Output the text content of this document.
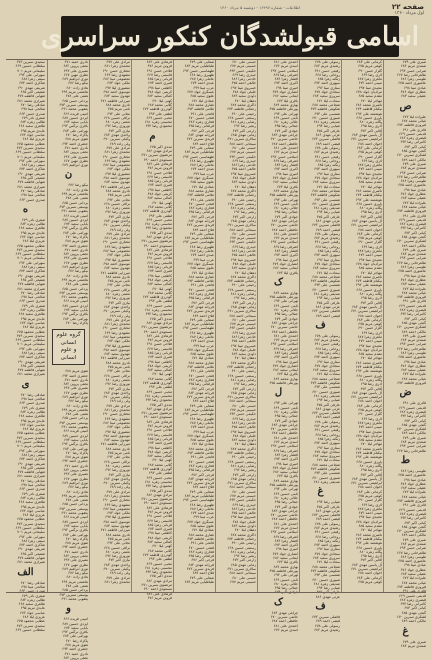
صفحه ۲۲
اول مرداد ۱۳۶۰
اطلاعات - شماره ۱۶۴۹۷ - دوشنبه ۵ مرداد ۱۳۶۰
اسامی قبولشدگان کنکور سراسری
سعیدی نسرین ۶۷۳
سلطانی حسین ۶۶۹
سلیمانی مریم ۷۰۱
سهرابی علی ۶۹۲
سیفی زهرا ۶۸۸
شاکری احمد ۶۷۴
شریفی مهدی ۶۹۰
شفیعی اکبر ۶۶۵
شهابی فاطمه ۶۷۷
شیرازی محمد ۶۸۱
صادقی رضا ۶۷۰
صالحی مینا ۶۹۸
صدری حسن ۶۶۳
صفری نادر ۶۷۹
طالبی زهره ۶۸۴
طاهری سعید ۶۶۸
عابدی مریم ۶۹۵
عباسی جواد ۶۷۲
عزیزی لیلا ۶۸۶
عطایی محمود ۶۷۵
سعیدی نسرین ۶۷۳
سلطانی حسین ۶۶۹
سلیمانی مریم ۷۰۱
سهرابی علی ۶۹۲
سیفی زهرا ۶۸۸
شاکری احمد ۶۷۴
شریفی مهدی ۶۹۰
شفیعی اکبر ۶۶۵
شهابی فاطمه ۶۷۷
شیرازی محمد ۶۸۱
صادقی رضا ۶۷۰
صالحی مینا ۶۹۸
صدری حسن ۶۶۳
ه
صفری نادر ۶۷۹
طالبی زهره ۶۸۴
طاهری سعید ۶۶۸
عابدی مریم ۶۹۵
عباسی جواد ۶۷۲
عزیزی لیلا ۶۸۶
عطایی محمود ۶۷۵
سعیدی نسرین ۶۷۳
سلطانی حسین ۶۶۹
سلیمانی مریم ۷۰۱
سهرابی علی ۶۹۲
سیفی زهرا ۶۸۸
شاکری احمد ۶۷۴
شریفی مهدی ۶۹۰
شفیعی اکبر ۶۶۵
شهابی فاطمه ۶۷۷
شیرازی محمد ۶۸۱
صادقی رضا ۶۷۰
صالحی مینا ۶۹۸
صدری حسن ۶۶۳
صفری نادر ۶۷۹
طالبی زهره ۶۸۴
طاهری سعید ۶۶۸
عابدی مریم ۶۹۵
عباسی جواد ۶۷۲
عزیزی لیلا ۶۸۶
عطایی محمود ۶۷۵
سعیدی نسرین ۶۷۳
سلطانی حسین ۶۶۹
سلیمانی مریم ۷۰۱
سهرابی علی ۶۹۲
سیفی زهرا ۶۸۸
شاکری احمد ۶۷۴
شریفی مهدی ۶۹۰
شفیعی اکبر ۶۶۵
شهابی فاطمه ۶۷۷
شیرازی محمد ۶۸۱
ی
صادقی رضا ۶۷۰
صالحی مینا ۶۹۸
صدری حسن ۶۶۳
صفری نادر ۶۷۹
طالبی زهره ۶۸۴
طاهری سعید ۶۶۸
عابدی مریم ۶۹۵
عباسی جواد ۶۷۲
عزیزی لیلا ۶۸۶
عطایی محمود ۶۷۵
سعیدی نسرین ۶۷۳
سلطانی حسین ۶۶۹
سلیمانی مریم ۷۰۱
سهرابی علی ۶۹۲
سیفی زهرا ۶۸۸
شاکری احمد ۶۷۴
شریفی مهدی ۶۹۰
شفیعی اکبر ۶۶۵
شهابی فاطمه ۶۷۷
شیرازی محمد ۶۸۱
صادقی رضا ۶۷۰
صالحی مینا ۶۹۸
صدری حسن ۶۶۳
صفری نادر ۶۷۹
طالبی زهره ۶۸۴
طاهری سعید ۶۶۸
عابدی مریم ۶۹۵
عباسی جواد ۶۷۲
عزیزی لیلا ۶۸۶
عطایی محمود ۶۷۵
سعیدی نسرین ۶۷۳
سلطانی حسین ۶۶۹
سلیمانی مریم ۷۰۱
سهرابی علی ۶۹۲
سیفی زهرا ۶۸۸
شاکری احمد ۶۷۴
شریفی مهدی ۶۹۰
شفیعی اکبر ۶۶۵
شهابی فاطمه ۶۷۷
شیرازی محمد ۶۸۱
الف
صادقی رضا ۶۷۰
صالحی مینا ۶۹۸
صدری حسن ۶۶۳
صفری نادر ۶۷۹
طالبی زهره ۶۸۴
طاهری سعید ۶۶۸
عابدی مریم ۶۹۵
عباسی جواد ۶۷۲
عزیزی لیلا ۶۸۶
عطایی محمود ۶۷۵
سعیدی نسرین ۶۷۳
سلطانی حسین ۶۶۹
نادری حمید ۶۷۱
نجفی پروین ۶۸۲
نصیری علی ۶۹۳
نظری مهین ۶۶۷
نوری ابراهیم ۶۸۹
نیکو رضا ۶۷۶
هادی زاده ۶۸۰
هاشمی مریم ۶۹۹
همتی علی ۶۷۸
یزدانی حسن ۶۸۵
یوسفی نسرین ۶۷۳
یعقوبی محمد ۶۹۱
امینی فریده ۶۶۶
ایزدی حسین ۶۸۷
بابایی سعید ۶۷۴
باقری نرگس ۶۹۲
بهرامی علی ۶۸۳
پاکزاد رضا ۶۷۰
تقوی مریم ۶۸۸
جعفری احمد ۶۹۴
نادری حمید ۶۷۱
نجفی پروین ۶۸۲
نصیری علی ۶۹۳
نظری مهین ۶۶۷
نوری ابراهیم ۶۸۹
ن
نیکو رضا ۶۷۶
هادی زاده ۶۸۰
هاشمی مریم ۶۹۹
همتی علی ۶۷۸
یزدانی حسن ۶۸۵
یوسفی نسرین ۶۷۳
یعقوبی محمد ۶۹۱
امینی فریده ۶۶۶
ایزدی حسین ۶۸۷
بابایی سعید ۶۷۴
باقری نرگس ۶۹۲
بهرامی علی ۶۸۳
پاکزاد رضا ۶۷۰
تقوی مریم ۶۸۸
جعفری احمد ۶۹۴
نادری حمید ۶۷۱
نجفی پروین ۶۸۲
نصیری علی ۶۹۳
نظری مهین ۶۶۷
نوری ابراهیم ۶۸۹
نیکو رضا ۶۷۶
هادی زاده ۶۸۰
هاشمی مریم ۶۹۹
همتی علی ۶۷۸
یزدانی حسن ۶۸۵
یوسفی نسرین ۶۷۳
یعقوبی محمد ۶۹۱
امینی فریده ۶۶۶
ایزدی حسین ۶۸۷
بابایی سعید ۶۷۴
باقری نرگس ۶۹۲
بهرامی علی ۶۸۳
پاکزاد رضا ۶۷۰
گروه علوم
انسانی
و علوم انسانی
تقوی مریم ۶۸۸
جعفری احمد ۶۹۴
نادری حمید ۶۷۱
نجفی پروین ۶۸۲
نصیری علی ۶۹۳
نظری مهین ۶۶۷
نوری ابراهیم ۶۸۹
نیکو رضا ۶۷۶
هادی زاده ۶۸۰
هاشمی مریم ۶۹۹
همتی علی ۶۷۸
یزدانی حسن ۶۸۵
یوسفی نسرین ۶۷۳
یعقوبی محمد ۶۹۱
امینی فریده ۶۶۶
ایزدی حسین ۶۸۷
بابایی سعید ۶۷۴
باقری نرگس ۶۹۲
بهرامی علی ۶۸۳
پاکزاد رضا ۶۷۰
تقوی مریم ۶۸۸
جعفری احمد ۶۹۴
نادری حمید ۶۷۱
نجفی پروین ۶۸۲
نصیری علی ۶۹۳
نظری مهین ۶۶۷
نوری ابراهیم ۶۸۹
نیکو رضا ۶۷۶
هادی زاده ۶۸۰
هاشمی مریم ۶۹۹
همتی علی ۶۷۸
یزدانی حسن ۶۸۵
یوسفی نسرین ۶۷۳
یعقوبی محمد ۶۹۱
امینی فریده ۶۶۶
ایزدی حسین ۶۸۷
بابایی سعید ۶۷۴
باقری نرگس ۶۹۲
بهرامی علی ۶۸۳
پاکزاد رضا ۶۷۰
تقوی مریم ۶۸۸
جعفری احمد ۶۹۴
نادری حمید ۶۷۱
نجفی پروین ۶۸۲
نصیری علی ۶۹۳
نظری مهین ۶۶۷
نوری ابراهیم ۶۸۹
نیکو رضا ۶۷۶
هادی زاده ۶۸۰
هاشمی مریم ۶۹۹
همتی علی ۶۷۸
یزدانی حسن ۶۸۵
یوسفی نسرین ۶۷۳
یعقوبی محمد ۶۹۱
و
امینی فریده ۶۶۶
ایزدی حسین ۶۸۷
بابایی سعید ۶۷۴
باقری نرگس ۶۹۲
بهرامی علی ۶۸۳
پاکزاد رضا ۶۷۰
تقوی مریم ۶۸۸
جعفری احمد ۶۹۴
نادری حمید ۶۷۱
نجفی پروین ۶۸۲
مرادی علی ۶۷۷
محمدی زهرا ۶۸۱
مختاری حسن ۶۹۰
مشهدی رضا ۶۶۹
معصومی مینا ۶۸۶
ملکی جواد ۶۷۳
منصوری لیلا ۶۹۷
موسوی احمد ۶۷۸
مهدوی سعید ۶۸۴
میرزایی فاطمه ۶۷۱
نادری محمد ۶۸۸
نامی مریم ۶۷۵
نجاتی علی ۶۹۲
نراقی حسین ۶۶۸
نعمتی زهره ۶۸۰
نوروزی رضا ۶۹۶
نیازی اکبر ۶۷۴
واحدی مهدی ۶۸۳
وکیلی نسرین ۶۷۰
ولی زاده ۶۸۹
مرادی علی ۶۷۷
محمدی زهرا ۶۸۱
مختاری حسن ۶۹۰
مشهدی رضا ۶۶۹
معصومی مینا ۶۸۶
ملکی جواد ۶۷۳
منصوری لیلا ۶۹۷
موسوی احمد ۶۷۸
مهدوی سعید ۶۸۴
میرزایی فاطمه ۶۷۱
نادری محمد ۶۸۸
نامی مریم ۶۷۵
نجاتی علی ۶۹۲
نراقی حسین ۶۶۸
نعمتی زهره ۶۸۰
نوروزی رضا ۶۹۶
نیازی اکبر ۶۷۴
واحدی مهدی ۶۸۳
وکیلی نسرین ۶۷۰
ولی زاده ۶۸۹
مرادی علی ۶۷۷
محمدی زهرا ۶۸۱
مختاری حسن ۶۹۰
مشهدی رضا ۶۶۹
معصومی مینا ۶۸۶
ملکی جواد ۶۷۳
منصوری لیلا ۶۹۷
موسوی احمد ۶۷۸
مهدوی سعید ۶۸۴
میرزایی فاطمه ۶۷۱
نادری محمد ۶۸۸
نامی مریم ۶۷۵
نجاتی علی ۶۹۲
نراقی حسین ۶۶۸
نعمتی زهره ۶۸۰
نوروزی رضا ۶۹۶
نیازی اکبر ۶۷۴
واحدی مهدی ۶۸۳
وکیلی نسرین ۶۷۰
ولی زاده ۶۸۹
مرادی علی ۶۷۷
محمدی زهرا ۶۸۱
مختاری حسن ۶۹۰
مشهدی رضا ۶۶۹
معصومی مینا ۶۸۶
ملکی جواد ۶۷۳
منصوری لیلا ۶۹۷
موسوی احمد ۶۷۸
مهدوی سعید ۶۸۴
میرزایی فاطمه ۶۷۱
نادری محمد ۶۸۸
نامی مریم ۶۷۵
نجاتی علی ۶۹۲
نراقی حسین ۶۶۸
نعمتی زهره ۶۸۰
نوروزی رضا ۶۹۶
نیازی اکبر ۶۷۴
واحدی مهدی ۶۸۳
وکیلی نسرین ۶۷۰
ولی زاده ۶۸۹
مرادی علی ۶۷۷
محمدی زهرا ۶۸۱
مختاری حسن ۶۹۰
مشهدی رضا ۶۶۹
معصومی مینا ۶۸۶
ملکی جواد ۶۷۳
منصوری لیلا ۶۹۷
موسوی احمد ۶۷۸
مهدوی سعید ۶۸۴
میرزایی فاطمه ۶۷۱
نادری محمد ۶۸۸
نامی مریم ۶۷۵
نجاتی علی ۶۹۲
نراقی حسین ۶۶۸
نعمتی زهره ۶۸۰
نوروزی رضا ۶۹۶
نیازی اکبر ۶۷۴
واحدی مهدی ۶۸۳
وکیلی نسرین ۶۷۰
ولی زاده ۶۸۹
مرادی علی ۶۷۷
محمدی زهرا ۶۸۱
مختاری حسن ۶۹۰
مشهدی رضا ۶۶۹
معصومی مینا ۶۸۶
ملکی جواد ۶۷۳
منصوری لیلا ۶۹۷
موسوی احمد ۶۷۸
مهدوی سعید ۶۸۴
میرزایی فاطمه ۶۷۱
نادری محمد ۶۸۸
نامی مریم ۶۷۵
نجاتی علی ۶۹۲
نراقی حسین ۶۶۸
نعمتی زهره ۶۸۰
نوروزی رضا ۶۹۶
نیازی اکبر ۶۷۴
واحدی مهدی ۶۸۳
وکیلی نسرین ۶۷۰
ولی زاده ۶۸۹
مرادی علی ۶۷۷
محمدی زهرا ۶۸۱
فرهادی علی ۶۸۲
فروتن مریم ۶۷۶
فلاحی حسن ۶۹۱
قاسمی رضا ۶۶۷
قربانی زهرا ۶۸۵
قنبری احمد ۶۷۳
کاظمی مینا ۶۹۸
کریمی جواد ۶۷۸
کمالی سعید ۶۸۴
کهنی لیلا ۶۷۰
گلابی محمد ۶۸۷
گودرزی فاطمه ۶۷۲
لطفی علی ۶۹۳
محبی حسین ۶۶۹
محسنی زهره ۶۸۱
محمودی رضا ۶۹۴
م
مددی اکبر ۶۷۵
مرادی مهدی ۶۸۶
مرتضوی نسرین ۶۷۱
مسعودی احمد ۶۹۰
فرهادی علی ۶۸۲
فروتن مریم ۶۷۶
فلاحی حسن ۶۹۱
قاسمی رضا ۶۶۷
قربانی زهرا ۶۸۵
قنبری احمد ۶۷۳
کاظمی مینا ۶۹۸
کریمی جواد ۶۷۸
کمالی سعید ۶۸۴
کهنی لیلا ۶۷۰
گلابی محمد ۶۸۷
گودرزی فاطمه ۶۷۲
لطفی علی ۶۹۳
محبی حسین ۶۶۹
محسنی زهره ۶۸۱
محمودی رضا ۶۹۴
مددی اکبر ۶۷۵
مرادی مهدی ۶۸۶
مرتضوی نسرین ۶۷۱
مسعودی احمد ۶۹۰
فرهادی علی ۶۸۲
فروتن مریم ۶۷۶
فلاحی حسن ۶۹۱
قاسمی رضا ۶۶۷
قربانی زهرا ۶۸۵
قنبری احمد ۶۷۳
کاظمی مینا ۶۹۸
کریمی جواد ۶۷۸
کمالی سعید ۶۸۴
کهنی لیلا ۶۷۰
گلابی محمد ۶۸۷
گودرزی فاطمه ۶۷۲
لطفی علی ۶۹۳
محبی حسین ۶۶۹
محسنی زهره ۶۸۱
محمودی رضا ۶۹۴
مددی اکبر ۶۷۵
مرادی مهدی ۶۸۶
مرتضوی نسرین ۶۷۱
مسعودی احمد ۶۹۰
فرهادی علی ۶۸۲
فروتن مریم ۶۷۶
فلاحی حسن ۶۹۱
قاسمی رضا ۶۶۷
قربانی زهرا ۶۸۵
قنبری احمد ۶۷۳
کاظمی مینا ۶۹۸
کریمی جواد ۶۷۸
کمالی سعید ۶۸۴
کهنی لیلا ۶۷۰
گلابی محمد ۶۸۷
گودرزی فاطمه ۶۷۲
لطفی علی ۶۹۳
محبی حسین ۶۶۹
محسنی زهره ۶۸۱
محمودی رضا ۶۹۴
مددی اکبر ۶۷۵
مرادی مهدی ۶۸۶
مرتضوی نسرین ۶۷۱
مسعودی احمد ۶۹۰
فرهادی علی ۶۸۲
فروتن مریم ۶۷۶
فلاحی حسن ۶۹۱
قاسمی رضا ۶۶۷
قربانی زهرا ۶۸۵
قنبری احمد ۶۷۳
کاظمی مینا ۶۹۸
کریمی جواد ۶۷۸
کمالی سعید ۶۸۴
کهنی لیلا ۶۷۰
گلابی محمد ۶۸۷
گودرزی فاطمه ۶۷۲
لطفی علی ۶۹۳
محبی حسین ۶۶۹
محسنی زهره ۶۸۱
محمودی رضا ۶۹۴
مددی اکبر ۶۷۵
مرادی مهدی ۶۸۶
مرتضوی نسرین ۶۷۱
مسعودی احمد ۶۹۰
فرهادی علی ۶۸۲
فروتن مریم ۶۷۶
فلاحی حسن ۶۹۱
قاسمی رضا ۶۶۷
قربانی زهرا ۶۸۵
قنبری احمد ۶۷۳
کاظمی مینا ۶۹۸
کریمی جواد ۶۷۸
کمالی سعید ۶۸۴
کهنی لیلا ۶۷۰
گلابی محمد ۶۸۷
گودرزی فاطمه ۶۷۲
لطفی علی ۶۹۳
محبی حسین ۶۶۹
محسنی زهره ۶۸۱
محمودی رضا ۶۹۴
مددی اکبر ۶۷۵
مرادی مهدی ۶۸۶
مرتضوی نسرین ۶۷۱
مسعودی احمد ۶۹۰
فرهادی علی ۶۸۲
فروتن مریم ۶۷۶
صفایی علی ۶۷۹
طباطبایی مریم ۶۸۳
طهماسبی حسن ۶۹۲
ظهیری رضا ۶۶۸
عاملی زهرا ۶۸۷
عبدی احمد ۶۷۴
عرب مینا ۶۹۹
عسگری جواد ۶۷۷
علوی سعید ۶۸۵
عمادی لیلا ۶۷۱
غفاری محمد ۶۸۸
غلامی فاطمه ۶۷۳
فاتحی علی ۶۹۱
فتحی حسین ۶۷۰
فخاری زهره ۶۸۲
فراهانی رضا ۶۹۵
فرجی اکبر ۶۷۶
فرزانه مهدی ۶۸۴
فریدی نسرین ۶۷۲
فلاح احمد ۶۸۹
صفایی علی ۶۷۹
طباطبایی مریم ۶۸۳
طهماسبی حسن ۶۹۲
ظهیری رضا ۶۶۸
عاملی زهرا ۶۸۷
عبدی احمد ۶۷۴
عرب مینا ۶۹۹
عسگری جواد ۶۷۷
علوی سعید ۶۸۵
عمادی لیلا ۶۷۱
غفاری محمد ۶۸۸
غلامی فاطمه ۶۷۳
فاتحی علی ۶۹۱
فتحی حسین ۶۷۰
فخاری زهره ۶۸۲
فراهانی رضا ۶۹۵
فرجی اکبر ۶۷۶
فرزانه مهدی ۶۸۴
فریدی نسرین ۶۷۲
فلاح احمد ۶۸۹
صفایی علی ۶۷۹
طباطبایی مریم ۶۸۳
طهماسبی حسن ۶۹۲
ظهیری رضا ۶۶۸
عاملی زهرا ۶۸۷
عبدی احمد ۶۷۴
عرب مینا ۶۹۹
عسگری جواد ۶۷۷
علوی سعید ۶۸۵
عمادی لیلا ۶۷۱
غفاری محمد ۶۸۸
غلامی فاطمه ۶۷۳
فاتحی علی ۶۹۱
فتحی حسین ۶۷۰
فخاری زهره ۶۸۲
فراهانی رضا ۶۹۵
فرجی اکبر ۶۷۶
فرزانه مهدی ۶۸۴
فریدی نسرین ۶۷۲
فلاح احمد ۶۸۹
صفایی علی ۶۷۹
طباطبایی مریم ۶۸۳
طهماسبی حسن ۶۹۲
ظهیری رضا ۶۶۸
عاملی زهرا ۶۸۷
عبدی احمد ۶۷۴
عرب مینا ۶۹۹
عسگری جواد ۶۷۷
علوی سعید ۶۸۵
عمادی لیلا ۶۷۱
غفاری محمد ۶۸۸
غلامی فاطمه ۶۷۳
فاتحی علی ۶۹۱
فتحی حسین ۶۷۰
فخاری زهره ۶۸۲
فراهانی رضا ۶۹۵
فرجی اکبر ۶۷۶
فرزانه مهدی ۶۸۴
فریدی نسرین ۶۷۲
فلاح احمد ۶۸۹
صفایی علی ۶۷۹
طباطبایی مریم ۶۸۳
طهماسبی حسن ۶۹۲
ظهیری رضا ۶۶۸
عاملی زهرا ۶۸۷
عبدی احمد ۶۷۴
عرب مینا ۶۹۹
عسگری جواد ۶۷۷
علوی سعید ۶۸۵
عمادی لیلا ۶۷۱
غفاری محمد ۶۸۸
غلامی فاطمه ۶۷۳
فاتحی علی ۶۹۱
فتحی حسین ۶۷۰
فخاری زهره ۶۸۲
فراهانی رضا ۶۹۵
فرجی اکبر ۶۷۶
فرزانه مهدی ۶۸۴
فریدی نسرین ۶۷۲
فلاح احمد ۶۸۹
صفایی علی ۶۷۹
طباطبایی مریم ۶۸۳
طهماسبی حسن ۶۹۲
ظهیری رضا ۶۶۸
عاملی زهرا ۶۸۷
عبدی احمد ۶۷۴
عرب مینا ۶۹۹
عسگری جواد ۶۷۷
علوی سعید ۶۸۵
عمادی لیلا ۶۷۱
غفاری محمد ۶۸۸
غلامی فاطمه ۶۷۳
فاتحی علی ۶۹۱
فتحی حسین ۶۷۰
فخاری زهره ۶۸۲
فراهانی رضا ۶۹۵
فرجی اکبر ۶۷۶
فرزانه مهدی ۶۸۴
فریدی نسرین ۶۷۲
فلاح احمد ۶۸۹
صفایی علی ۶۷۹
طباطبایی مریم ۶۸۳
حسنی علی ۶۸۰
حسینی مریم ۶۷۷
حکیمی حسن ۶۹۳
حیدری رضا ۶۶۹
خادمی زهرا ۶۸۶
خالقی احمد ۶۷۵
خسروی مینا ۶۹۷
خلیلی جواد ۶۷۸
داودی سعید ۶۸۳
دهقان لیلا ۶۷۰
ذاکری محمد ۶۸۷
رحمانی فاطمه ۶۷۴
رحیمی علی ۶۹۰
رستمی حسین ۶۶۸
رضایی زهره ۶۸۱
رنجبر رضا ۶۹۶
زارعی اکبر ۶۷۳
زمانی مهدی ۶۸۵
سالاری نسرین ۶۷۱
سبحانی احمد ۶۸۸
حسنی علی ۶۸۰
حسینی مریم ۶۷۷
حکیمی حسن ۶۹۳
حیدری رضا ۶۶۹
خادمی زهرا ۶۸۶
خالقی احمد ۶۷۵
خسروی مینا ۶۹۷
خلیلی جواد ۶۷۸
داودی سعید ۶۸۳
دهقان لیلا ۶۷۰
ذاکری محمد ۶۸۷
رحمانی فاطمه ۶۷۴
رحیمی علی ۶۹۰
رستمی حسین ۶۶۸
رضایی زهره ۶۸۱
رنجبر رضا ۶۹۶
زارعی اکبر ۶۷۳
زمانی مهدی ۶۸۵
سالاری نسرین ۶۷۱
سبحانی احمد ۶۸۸
حسنی علی ۶۸۰
حسینی مریم ۶۷۷
حکیمی حسن ۶۹۳
حیدری رضا ۶۶۹
خادمی زهرا ۶۸۶
خالقی احمد ۶۷۵
خسروی مینا ۶۹۷
خلیلی جواد ۶۷۸
داودی سعید ۶۸۳
دهقان لیلا ۶۷۰
ذاکری محمد ۶۸۷
رحمانی فاطمه ۶۷۴
رحیمی علی ۶۹۰
رستمی حسین ۶۶۸
رضایی زهره ۶۸۱
رنجبر رضا ۶۹۶
زارعی اکبر ۶۷۳
زمانی مهدی ۶۸۵
سالاری نسرین ۶۷۱
سبحانی احمد ۶۸۸
حسنی علی ۶۸۰
حسینی مریم ۶۷۷
حکیمی حسن ۶۹۳
حیدری رضا ۶۶۹
خادمی زهرا ۶۸۶
خالقی احمد ۶۷۵
خسروی مینا ۶۹۷
خلیلی جواد ۶۷۸
داودی سعید ۶۸۳
دهقان لیلا ۶۷۰
ذاکری محمد ۶۸۷
رحمانی فاطمه ۶۷۴
رحیمی علی ۶۹۰
رستمی حسین ۶۶۸
رضایی زهره ۶۸۱
رنجبر رضا ۶۹۶
زارعی اکبر ۶۷۳
زمانی مهدی ۶۸۵
سالاری نسرین ۶۷۱
سبحانی احمد ۶۸۸
حسنی علی ۶۸۰
حسینی مریم ۶۷۷
حکیمی حسن ۶۹۳
حیدری رضا ۶۶۹
خادمی زهرا ۶۸۶
خالقی احمد ۶۷۵
خسروی مینا ۶۹۷
خلیلی جواد ۶۷۸
داودی سعید ۶۸۳
دهقان لیلا ۶۷۰
ذاکری محمد ۶۸۷
رحمانی فاطمه ۶۷۴
رحیمی علی ۶۹۰
رستمی حسین ۶۶۸
رضایی زهره ۶۸۱
رنجبر رضا ۶۹۶
زارعی اکبر ۶۷۳
زمانی مهدی ۶۸۵
سالاری نسرین ۶۷۱
سبحانی احمد ۶۸۸
حسنی علی ۶۸۰
حسینی مریم ۶۷۷
حکیمی حسن ۶۹۳
حیدری رضا ۶۶۹
خادمی زهرا ۶۸۶
خالقی احمد ۶۷۵
خسروی مینا ۶۹۷
خلیلی جواد ۶۷۸
داودی سعید ۶۸۳
دهقان لیلا ۶۷۰
ذاکری محمد ۶۸۷
رحمانی فاطمه ۶۷۴
رحیمی علی ۶۹۰
رستمی حسین ۶۶۸
رضایی زهره ۶۸۱
رنجبر رضا ۶۹۶
زارعی اکبر ۶۷۳
زمانی مهدی ۶۸۵
سالاری نسرین ۶۷۱
سبحانی احمد ۶۸۸
حسنی علی ۶۸۰
حسینی مریم ۶۷۷
احمدی علی ۶۸۱
اسدی مریم ۶۷۶
اسلامی حسن ۶۹۲
اشرفی رضا ۶۶۷
افشار زهرا ۶۸۴
اکبری احمد ۶۷۳
امیری مینا ۶۹۸
انصاری جواد ۶۷۹
ایمانی سعید ۶۸۶
باقری لیلا ۶۷۲
بهاری محمد ۶۸۹
پورعلی فاطمه ۶۷۵
تهرانی علی ۶۹۴
ثابتی حسین ۶۶۹
جلالی زهره ۶۸۰
جمالی رضا ۶۹۵
جوادی اکبر ۶۷۴
چراغی مهدی ۶۸۳
حاتمی نسرین ۶۷۰
حافظی احمد ۶۸۷
احمدی علی ۶۸۱
اسدی مریم ۶۷۶
اسلامی حسن ۶۹۲
اشرفی رضا ۶۶۷
افشار زهرا ۶۸۴
اکبری احمد ۶۷۳
امیری مینا ۶۹۸
انصاری جواد ۶۷۹
ایمانی سعید ۶۸۶
باقری لیلا ۶۷۲
بهاری محمد ۶۸۹
پورعلی فاطمه ۶۷۵
تهرانی علی ۶۹۴
ثابتی حسین ۶۶۹
جلالی زهره ۶۸۰
جمالی رضا ۶۹۵
جوادی اکبر ۶۷۴
چراغی مهدی ۶۸۳
حاتمی نسرین ۶۷۰
حافظی احمد ۶۸۷
احمدی علی ۶۸۱
اسدی مریم ۶۷۶
اسلامی حسن ۶۹۲
اشرفی رضا ۶۶۷
افشار زهرا ۶۸۴
اکبری احمد ۶۷۳
امیری مینا ۶۹۸
انصاری جواد ۶۷۹
ایمانی سعید ۶۸۶
باقری لیلا ۶۷۲
ک
بهاری محمد ۶۸۹
پورعلی فاطمه ۶۷۵
تهرانی علی ۶۹۴
ثابتی حسین ۶۶۹
جلالی زهره ۶۸۰
جمالی رضا ۶۹۵
جوادی اکبر ۶۷۴
چراغی مهدی ۶۸۳
حاتمی نسرین ۶۷۰
حافظی احمد ۶۸۷
احمدی علی ۶۸۱
اسدی مریم ۶۷۶
اسلامی حسن ۶۹۲
اشرفی رضا ۶۶۷
افشار زهرا ۶۸۴
اکبری احمد ۶۷۳
امیری مینا ۶۹۸
انصاری جواد ۶۷۹
ایمانی سعید ۶۸۶
باقری لیلا ۶۷۲
بهاری محمد ۶۸۹
پورعلی فاطمه ۶۷۵
ل
تهرانی علی ۶۹۴
ثابتی حسین ۶۶۹
جلالی زهره ۶۸۰
جمالی رضا ۶۹۵
جوادی اکبر ۶۷۴
چراغی مهدی ۶۸۳
حاتمی نسرین ۶۷۰
حافظی احمد ۶۸۷
احمدی علی ۶۸۱
اسدی مریم ۶۷۶
اسلامی حسن ۶۹۲
اشرفی رضا ۶۶۷
افشار زهرا ۶۸۴
اکبری احمد ۶۷۳
امیری مینا ۶۹۸
انصاری جواد ۶۷۹
ایمانی سعید ۶۸۶
باقری لیلا ۶۷۲
بهاری محمد ۶۸۹
پورعلی فاطمه ۶۷۵
تهرانی علی ۶۹۴
ثابتی حسین ۶۶۹
جلالی زهره ۶۸۰
جمالی رضا ۶۹۵
جوادی اکبر ۶۷۴
چراغی مهدی ۶۸۳
حاتمی نسرین ۶۷۰
حافظی احمد ۶۸۷
احمدی علی ۶۸۱
اسدی مریم ۶۷۶
اسلامی حسن ۶۹۲
اشرفی رضا ۶۶۷
افشار زهرا ۶۸۴
اکبری احمد ۶۷۳
امیری مینا ۶۹۸
انصاری جواد ۶۷۹
ایمانی سعید ۶۸۶
باقری لیلا ۶۷۲
بهاری محمد ۶۸۹
پورعلی فاطمه ۶۷۵
تهرانی علی ۶۹۴
ثابتی حسین ۶۶۹
جلالی زهره ۶۸۰
جمالی رضا ۶۹۵
جوادی اکبر ۶۷۴
ک
چراغی مهدی ۶۸۳
حاتمی نسرین ۶۷۰
حافظی احمد ۶۸۷
احمدی علی ۶۸۱
اسدی مریم ۶۷۶
رسولی علی ۶۷۸
رشیدی مریم ۶۸۲
رفیعی حسن ۶۹۱
روحانی رضا ۶۶۸
زنگنه زهرا ۶۸۵
سپهری احمد ۶۷۴
ستاری مینا ۶۹۶
سجادی جواد ۶۷۷
سروری سعید ۶۸۴
سعادت لیلا ۶۷۱
شجاعی محمد ۶۸۸
شکوهی فاطمه ۶۷۳
شمسی علی ۶۹۳
صبوری حسین ۶۷۰
صدیقی زهره ۶۸۱
ضیایی رضا ۶۹۴
عارفی اکبر ۶۷۵
عزتی مهدی ۶۸۶
فاضلی نسرین ۶۷۲
فیضی احمد ۶۸۹
رسولی علی ۶۷۸
رشیدی مریم ۶۸۲
رفیعی حسن ۶۹۱
روحانی رضا ۶۶۸
زنگنه زهرا ۶۸۵
سپهری احمد ۶۷۴
ستاری مینا ۶۹۶
سجادی جواد ۶۷۷
سروری سعید ۶۸۴
سعادت لیلا ۶۷۱
شجاعی محمد ۶۸۸
شکوهی فاطمه ۶۷۳
شمسی علی ۶۹۳
صبوری حسین ۶۷۰
صدیقی زهره ۶۸۱
ضیایی رضا ۶۹۴
عارفی اکبر ۶۷۵
عزتی مهدی ۶۸۶
فاضلی نسرین ۶۷۲
فیضی احمد ۶۸۹
رسولی علی ۶۷۸
رشیدی مریم ۶۸۲
رفیعی حسن ۶۹۱
روحانی رضا ۶۶۸
زنگنه زهرا ۶۸۵
سپهری احمد ۶۷۴
ستاری مینا ۶۹۶
سجادی جواد ۶۷۷
سروری سعید ۶۸۴
سعادت لیلا ۶۷۱
شجاعی محمد ۶۸۸
شکوهی فاطمه ۶۷۳
شمسی علی ۶۹۳
صبوری حسین ۶۷۰
صدیقی زهره ۶۸۱
ضیایی رضا ۶۹۴
عارفی اکبر ۶۷۵
عزتی مهدی ۶۸۶
فاضلی نسرین ۶۷۲
فیضی احمد ۶۸۹
ف
رسولی علی ۶۷۸
رشیدی مریم ۶۸۲
رفیعی حسن ۶۹۱
روحانی رضا ۶۶۸
زنگنه زهرا ۶۸۵
سپهری احمد ۶۷۴
ستاری مینا ۶۹۶
سجادی جواد ۶۷۷
سروری سعید ۶۸۴
سعادت لیلا ۶۷۱
شجاعی محمد ۶۸۸
شکوهی فاطمه ۶۷۳
شمسی علی ۶۹۳
صبوری حسین ۶۷۰
صدیقی زهره ۶۸۱
ضیایی رضا ۶۹۴
عارفی اکبر ۶۷۵
عزتی مهدی ۶۸۶
فاضلی نسرین ۶۷۲
فیضی احمد ۶۸۹
رسولی علی ۶۷۸
رشیدی مریم ۶۸۲
رفیعی حسن ۶۹۱
روحانی رضا ۶۶۸
زنگنه زهرا ۶۸۵
سپهری احمد ۶۷۴
ستاری مینا ۶۹۶
سجادی جواد ۶۷۷
سروری سعید ۶۸۴
سعادت لیلا ۶۷۱
شجاعی محمد ۶۸۸
شکوهی فاطمه ۶۷۳
شمسی علی ۶۹۳
صبوری حسین ۶۷۰
صدیقی زهره ۶۸۱
غ
ضیایی رضا ۶۹۴
عارفی اکبر ۶۷۵
عزتی مهدی ۶۸۶
فاضلی نسرین ۶۷۲
فیضی احمد ۶۸۹
رسولی علی ۶۷۸
رشیدی مریم ۶۸۲
رفیعی حسن ۶۹۱
روحانی رضا ۶۶۸
زنگنه زهرا ۶۸۵
سپهری احمد ۶۷۴
ستاری مینا ۶۹۶
سجادی جواد ۶۷۷
سروری سعید ۶۸۴
سعادت لیلا ۶۷۱
شجاعی محمد ۶۸۸
شکوهی فاطمه ۶۷۳
شمسی علی ۶۹۳
صبوری حسین ۶۷۰
صدیقی زهره ۶۸۱
ضیایی رضا ۶۹۴
عارفی اکبر ۶۷۵
عزتی مهدی ۶۸۶
ف
فاضلی نسرین ۶۷۲
فیضی احمد ۶۸۹
رسولی علی ۶۷۸
رشیدی مریم ۶۸۲
کرمانی علی ۶۸۳
کوهی مریم ۶۷۵
گلزار حسن ۶۹۰
لاری رضا ۶۶۹
ماهری زهرا ۶۸۷
مبینی احمد ۶۷۲
مجیدی مینا ۶۹۷
مرادیان جواد ۶۷۸
مقدم سعید ۶۸۵
مهاجر لیلا ۶۷۰
ناصری محمد ۶۸۶
نیکنام فاطمه ۶۷۴
هوشمند علی ۶۹۲
یاوری حسین ۶۶۸
یگانه زهره ۶۸۰
آذری رضا ۶۹۵
آقایی اکبر ۶۷۳
آل یاسین مهدی ۶۸۴
ابراهیمی نسرین ۶۷۱
اخوان احمد ۶۸۸
کرمانی علی ۶۸۳
کوهی مریم ۶۷۵
گلزار حسن ۶۹۰
لاری رضا ۶۶۹
ماهری زهرا ۶۸۷
مبینی احمد ۶۷۲
مجیدی مینا ۶۹۷
مرادیان جواد ۶۷۸
مقدم سعید ۶۸۵
مهاجر لیلا ۶۷۰
ناصری محمد ۶۸۶
نیکنام فاطمه ۶۷۴
هوشمند علی ۶۹۲
یاوری حسین ۶۶۸
یگانه زهره ۶۸۰
آذری رضا ۶۹۵
آقایی اکبر ۶۷۳
آل یاسین مهدی ۶۸۴
ابراهیمی نسرین ۶۷۱
اخوان احمد ۶۸۸
کرمانی علی ۶۸۳
کوهی مریم ۶۷۵
گلزار حسن ۶۹۰
لاری رضا ۶۶۹
ماهری زهرا ۶۸۷
مبینی احمد ۶۷۲
مجیدی مینا ۶۹۷
مرادیان جواد ۶۷۸
مقدم سعید ۶۸۵
مهاجر لیلا ۶۷۰
ناصری محمد ۶۸۶
نیکنام فاطمه ۶۷۴
هوشمند علی ۶۹۲
یاوری حسین ۶۶۸
یگانه زهره ۶۸۰
آذری رضا ۶۹۵
آقایی اکبر ۶۷۳
آل یاسین مهدی ۶۸۴
ابراهیمی نسرین ۶۷۱
اخوان احمد ۶۸۸
کرمانی علی ۶۸۳
کوهی مریم ۶۷۵
گلزار حسن ۶۹۰
لاری رضا ۶۶۹
ماهری زهرا ۶۸۷
مبینی احمد ۶۷۲
مجیدی مینا ۶۹۷
مرادیان جواد ۶۷۸
مقدم سعید ۶۸۵
مهاجر لیلا ۶۷۰
ناصری محمد ۶۸۶
نیکنام فاطمه ۶۷۴
هوشمند علی ۶۹۲
یاوری حسین ۶۶۸
یگانه زهره ۶۸۰
آذری رضا ۶۹۵
آقایی اکبر ۶۷۳
آل یاسین مهدی ۶۸۴
ابراهیمی نسرین ۶۷۱
اخوان احمد ۶۸۸
کرمانی علی ۶۸۳
کوهی مریم ۶۷۵
گلزار حسن ۶۹۰
لاری رضا ۶۶۹
ماهری زهرا ۶۸۷
مبینی احمد ۶۷۲
مجیدی مینا ۶۹۷
مرادیان جواد ۶۷۸
مقدم سعید ۶۸۵
مهاجر لیلا ۶۷۰
ناصری محمد ۶۸۶
نیکنام فاطمه ۶۷۴
هوشمند علی ۶۹۲
یاوری حسین ۶۶۸
یگانه زهره ۶۸۰
آذری رضا ۶۹۵
آقایی اکبر ۶۷۳
آل یاسین مهدی ۶۸۴
ابراهیمی نسرین ۶۷۱
اخوان احمد ۶۸۸
کرمانی علی ۶۸۳
کوهی مریم ۶۷۵
گلزار حسن ۶۹۰
لاری رضا ۶۶۹
ماهری زهرا ۶۸۷
مبینی احمد ۶۷۲
مجیدی مینا ۶۹۷
مرادیان جواد ۶۷۸
مقدم سعید ۶۸۵
مهاجر لیلا ۶۷۰
ناصری محمد ۶۸۶
نیکنام فاطمه ۶۷۴
هوشمند علی ۶۹۲
یاوری حسین ۶۶۸
یگانه زهره ۶۸۰
آذری رضا ۶۹۵
آقایی اکبر ۶۷۳
آل یاسین مهدی ۶۸۴
ابراهیمی نسرین ۶۷۱
اخوان احمد ۶۸۸
کرمانی علی ۶۸۳
کوهی مریم ۶۷۵
صبری علی ۶۷۹
صمدی مریم ۶۸۴
ضرابی حسن ۶۹۳
طاهرخانی رضا ۶۶۷
طوسی زهرا ۶۸۶
عاشوری احمد ۶۷۵
عبادی مینا ۶۹۸
عطاری جواد ۶۷۶
عقیلی سعید ۶۸۳
ص
علیزاده لیلا ۶۷۲
غیاثی محمد ۶۸۷
فیروزی فاطمه ۶۷۴
قادری علی ۶۹۱
قدیمی حسین ۶۶۹
قیصری زهره ۶۸۲
کامرانی رضا ۶۹۴
کیانی اکبر ۶۷۳
گنجی مهدی ۶۸۵
لشکری نسرین ۶۷۰
مالکی احمد ۶۸۹
صبری علی ۶۷۹
صمدی مریم ۶۸۴
ضرابی حسن ۶۹۳
طاهرخانی رضا ۶۶۷
طوسی زهرا ۶۸۶
عاشوری احمد ۶۷۵
عبادی مینا ۶۹۸
عطاری جواد ۶۷۶
عقیلی سعید ۶۸۳
علیزاده لیلا ۶۷۲
غیاثی محمد ۶۸۷
فیروزی فاطمه ۶۷۴
قادری علی ۶۹۱
قدیمی حسین ۶۶۹
قیصری زهره ۶۸۲
کامرانی رضا ۶۹۴
کیانی اکبر ۶۷۳
گنجی مهدی ۶۸۵
لشکری نسرین ۶۷۰
مالکی احمد ۶۸۹
صبری علی ۶۷۹
صمدی مریم ۶۸۴
ضرابی حسن ۶۹۳
طاهرخانی رضا ۶۶۷
طوسی زهرا ۶۸۶
عاشوری احمد ۶۷۵
عبادی مینا ۶۹۸
عطاری جواد ۶۷۶
عقیلی سعید ۶۸۳
علیزاده لیلا ۶۷۲
غیاثی محمد ۶۸۷
فیروزی فاطمه ۶۷۴
قادری علی ۶۹۱
قدیمی حسین ۶۶۹
قیصری زهره ۶۸۲
کامرانی رضا ۶۹۴
کیانی اکبر ۶۷۳
گنجی مهدی ۶۸۵
لشکری نسرین ۶۷۰
مالکی احمد ۶۸۹
صبری علی ۶۷۹
صمدی مریم ۶۸۴
ضرابی حسن ۶۹۳
طاهرخانی رضا ۶۶۷
طوسی زهرا ۶۸۶
عاشوری احمد ۶۷۵
عبادی مینا ۶۹۸
عطاری جواد ۶۷۶
عقیلی سعید ۶۸۳
علیزاده لیلا ۶۷۲
غیاثی محمد ۶۸۷
فیروزی فاطمه ۶۷۴
ض
قادری علی ۶۹۱
قدیمی حسین ۶۶۹
قیصری زهره ۶۸۲
کامرانی رضا ۶۹۴
کیانی اکبر ۶۷۳
گنجی مهدی ۶۸۵
لشکری نسرین ۶۷۰
مالکی احمد ۶۸۹
صبری علی ۶۷۹
صمدی مریم ۶۸۴
ضرابی حسن ۶۹۳
طاهرخانی رضا ۶۶۷
ط
طوسی زهرا ۶۸۶
عاشوری احمد ۶۷۵
عبادی مینا ۶۹۸
عطاری جواد ۶۷۶
عقیلی سعید ۶۸۳
علیزاده لیلا ۶۷۲
غیاثی محمد ۶۸۷
فیروزی فاطمه ۶۷۴
قادری علی ۶۹۱
قدیمی حسین ۶۶۹
قیصری زهره ۶۸۲
کامرانی رضا ۶۹۴
کیانی اکبر ۶۷۳
گنجی مهدی ۶۸۵
لشکری نسرین ۶۷۰
مالکی احمد ۶۸۹
صبری علی ۶۷۹
صمدی مریم ۶۸۴
ضرابی حسن ۶۹۳
طاهرخانی رضا ۶۶۷
طوسی زهرا ۶۸۶
عاشوری احمد ۶۷۵
عبادی مینا ۶۹۸
عطاری جواد ۶۷۶
عقیلی سعید ۶۸۳
علیزاده لیلا ۶۷۲
غیاثی محمد ۶۸۷
فیروزی فاطمه ۶۷۴
قادری علی ۶۹۱
قدیمی حسین ۶۶۹
قیصری زهره ۶۸۲
کامرانی رضا ۶۹۴
کیانی اکبر ۶۷۳
گنجی مهدی ۶۸۵
لشکری نسرین ۶۷۰
مالکی احمد ۶۸۹
غ
صبری علی ۶۷۹
صمدی مریم ۶۸۴
